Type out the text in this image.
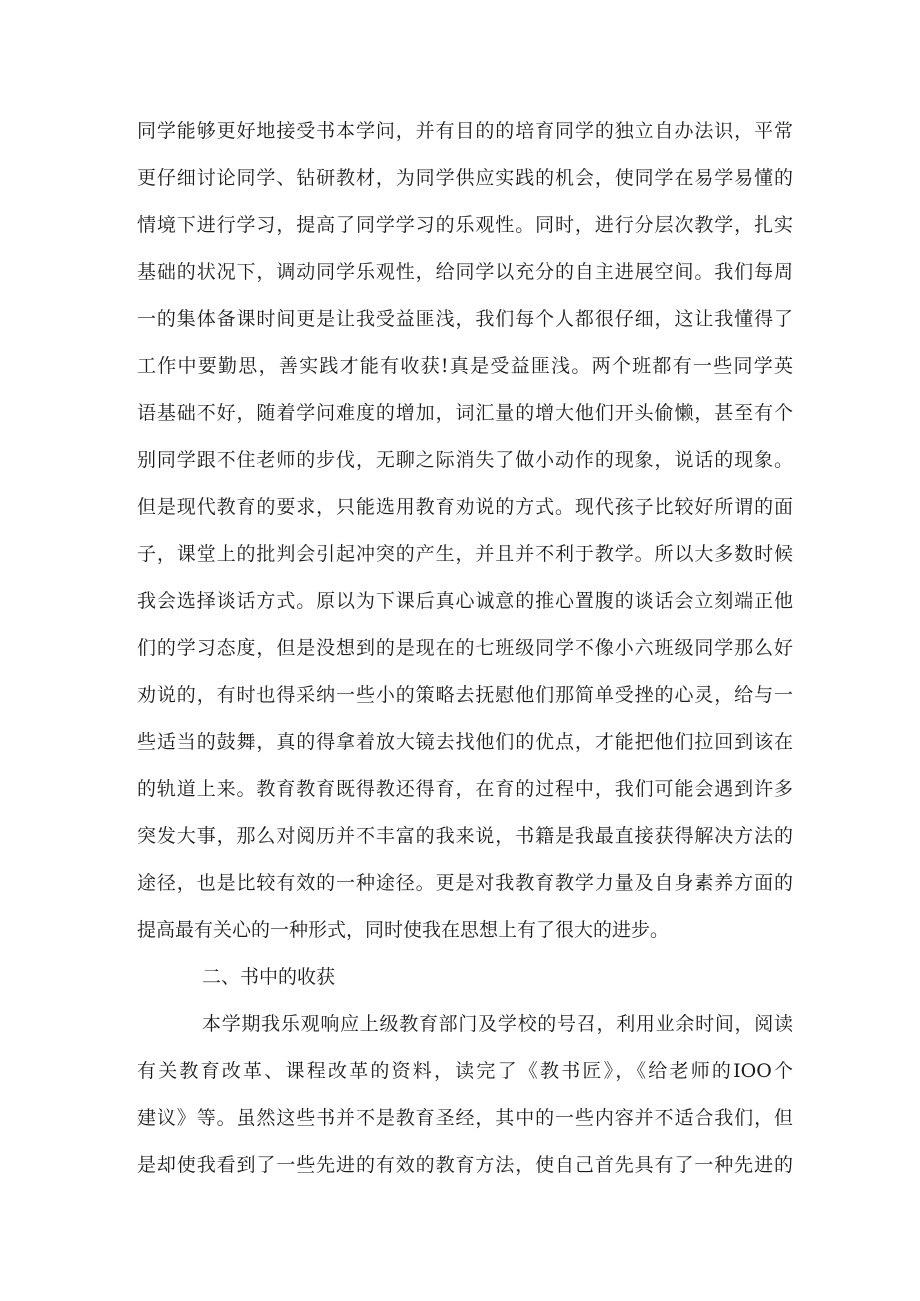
同学能够更好地接受书本学问，并有目的的培育同学的独立自办法识，平常
更仔细讨论同学、钻研教材，为同学供应实践的机会，使同学在易学易懂的
情境下进行学习，提高了同学学习的乐观性。同时，进行分层次教学，扎实
基础的状况下，调动同学乐观性，给同学以充分的自主进展空间。我们每周
一的集体备课时间更是让我受益匪浅，我们每个人都很仔细，这让我懂得了
工作中要勤思，善实践才能有收获!真是受益匪浅。两个班都有一些同学英
语基础不好，随着学问难度的增加，词汇量的增大他们开头偷懒，甚至有个
别同学跟不住老师的步伐，无聊之际消失了做小动作的现象，说话的现象。
但是现代教育的要求，只能选用教育劝说的方式。现代孩子比较好所谓的面
子，课堂上的批判会引起冲突的产生，并且并不利于教学。所以大多数时候
我会选择谈话方式。原以为下课后真心诚意的推心置腹的谈话会立刻端正他
们的学习态度，但是没想到的是现在的七班级同学不像小六班级同学那么好
劝说的，有时也得采纳一些小的策略去抚慰他们那简单受挫的心灵，给与一
些适当的鼓舞，真的得拿着放大镜去找他们的优点，才能把他们拉回到该在
的轨道上来。教育教育既得教还得育，在育的过程中，我们可能会遇到许多
突发大事，那么对阅历并不丰富的我来说，书籍是我最直接获得解决方法的
途径，也是比较有效的一种途径。更是对我教育教学力量及自身素养方面的
提高最有关心的一种形式，同时使我在思想上有了很大的进步。
二、书中的收获
本学期我乐观响应上级教育部门及学校的号召，利用业余时间，阅读
有关教育改革、课程改革的资料，读完了《教书匠》，《给老师的IOO个
建议》等。虽然这些书并不是教育圣经，其中的一些内容并不适合我们，但
是却使我看到了一些先进的有效的教育方法，使自己首先具有了一种先进的
